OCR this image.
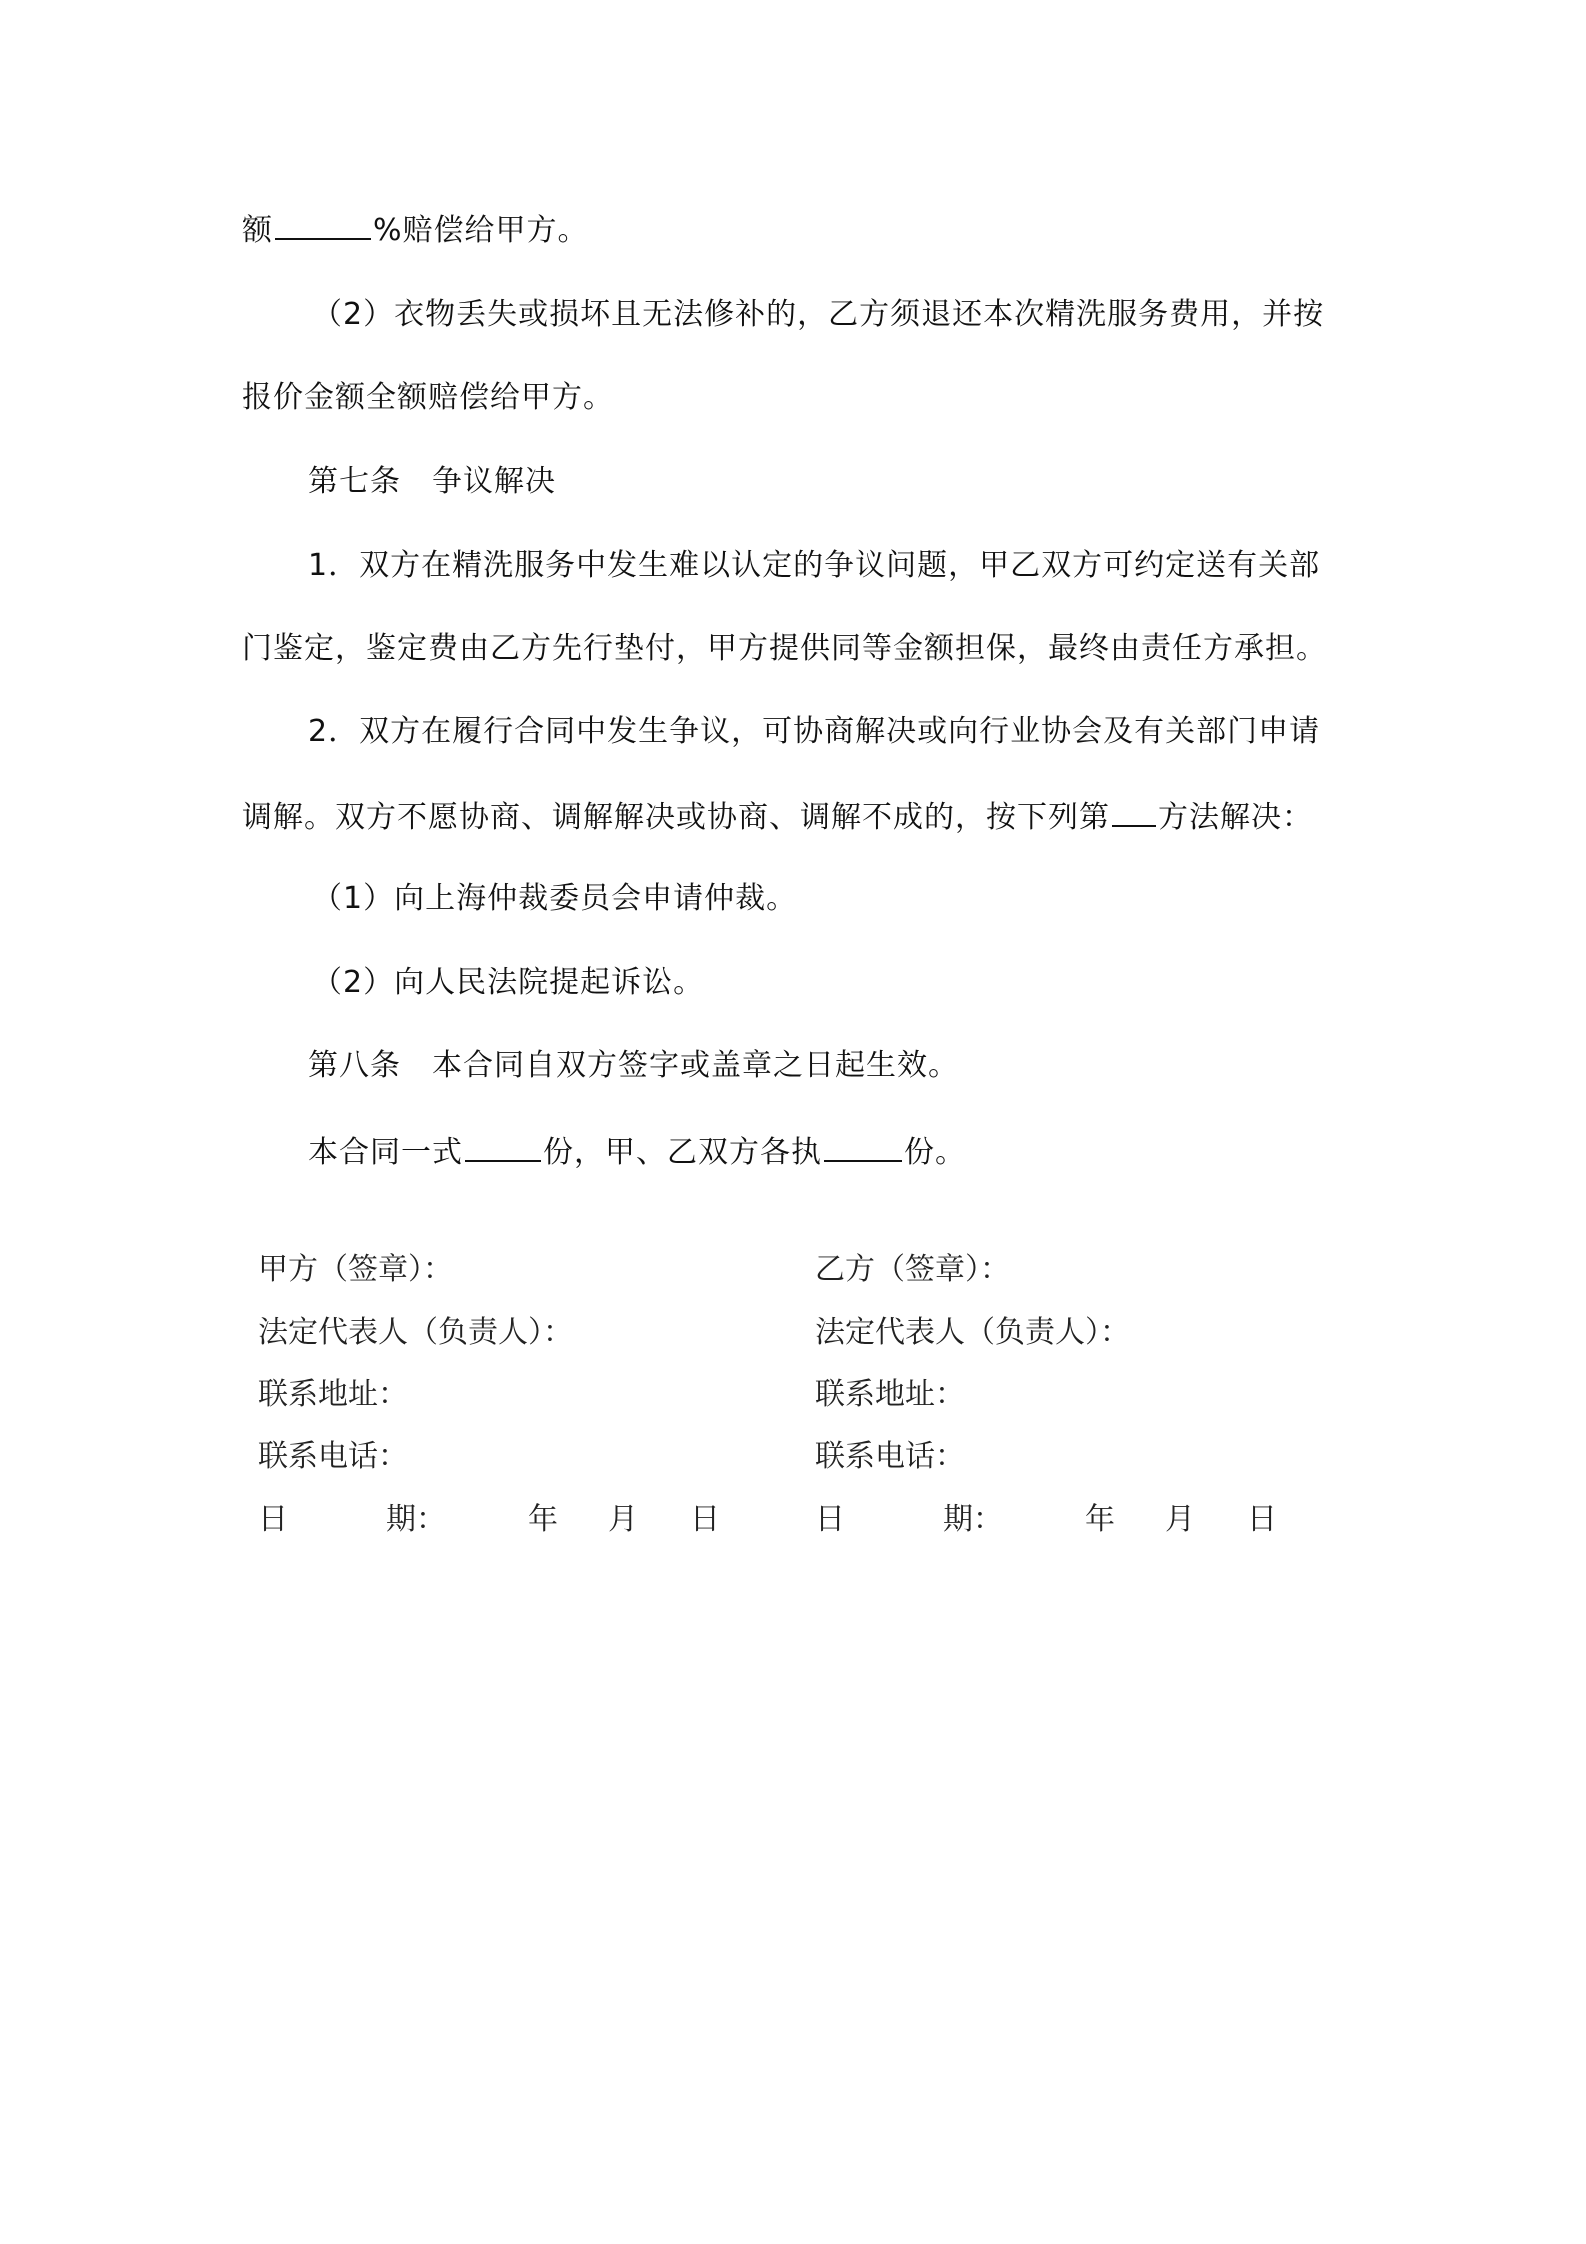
额	%赔偿给甲方。
（2）衣物丢失或损坏且无法修补的，乙方须退还本次精洗服务费用，并按
报价金额全额赔偿给甲方。
第七条　争议解决
1．双方在精洗服务中发生难以认定的争议问题，甲乙双方可约定送有关部
门鉴定，鉴定费由乙方先行垫付，甲方提供同等金额担保，最终由责任方承担。
2．双方在履行合同中发生争议，可协商解决或向行业协会及有关部门申请
调解。双方不愿协商、调解解决或协商、调解不成的，按下列第 方法解决：
（1）向上海仲裁委员会申请仲裁。
（2）向人民法院提起诉讼。
第八条　本合同自双方签字或盖章之日起生效。
本合同一式	份，甲、乙双方各执	份。
甲方（签章）：
法定代表人（负责人）：
联系地址：
联系电话：
日	期：	年 月 日
乙方（签章）：
法定代表人（负责人）：
联系地址：
联系电话：
日	期：	年 月 日
